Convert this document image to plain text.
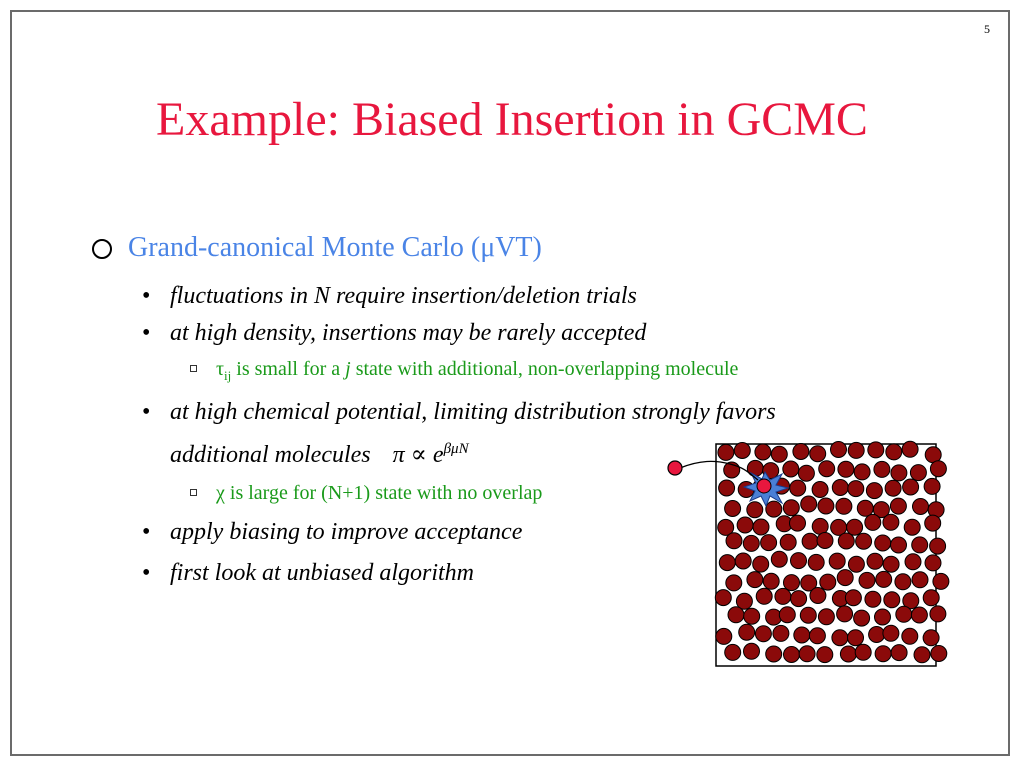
5
Example: Biased Insertion in GCMC
Grand-canonical Monte Carlo (μVT)

• fluctuations in N require insertion/deletion trials

• at high density, insertions may be rarely accepted

$\tau_{ij}$ is small for a j state with additional, non-overlapping molecule

• at high chemical potential, limiting distribution strongly favors
additional molecules $\pi \propto e^{\beta\mu N}$

χ is large for (N+1) state with no overlap

• apply biasing to improve acceptance

• first look at unbiased algorithm
